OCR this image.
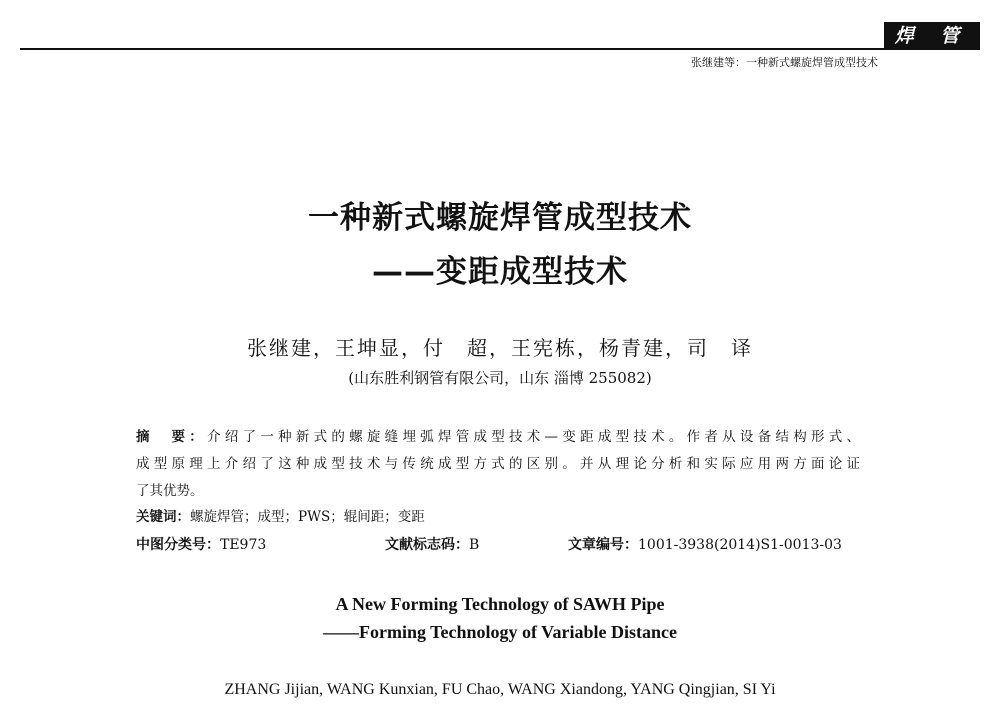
焊 管
张继建等：一种新式螺旋焊管成型技术
一种新式螺旋焊管成型技术
——变距成型技术
张继建，王坤显，付　超，王宪栋，杨青建，司　译
(山东胜利钢管有限公司，山东 淄博 255082)
摘　要：介绍了一种新式的螺旋缝埋弧焊管成型技术—变距成型技术。作者从设备结构形式、
成型原理上介绍了这种成型技术与传统成型方式的区别。并从理论分析和实际应用两方面论证
了其优势。
关键词：螺旋焊管；成型；PWS；辊间距；变距
中图分类号：TE973	文献标志码：B	文章编号：1001-3938(2014)S1-0013-03
A New Forming Technology of SAWH Pipe
——Forming Technology of Variable Distance
ZHANG Jijian, WANG Kunxian, FU Chao, WANG Xiandong, YANG Qingjian, SI Yi
